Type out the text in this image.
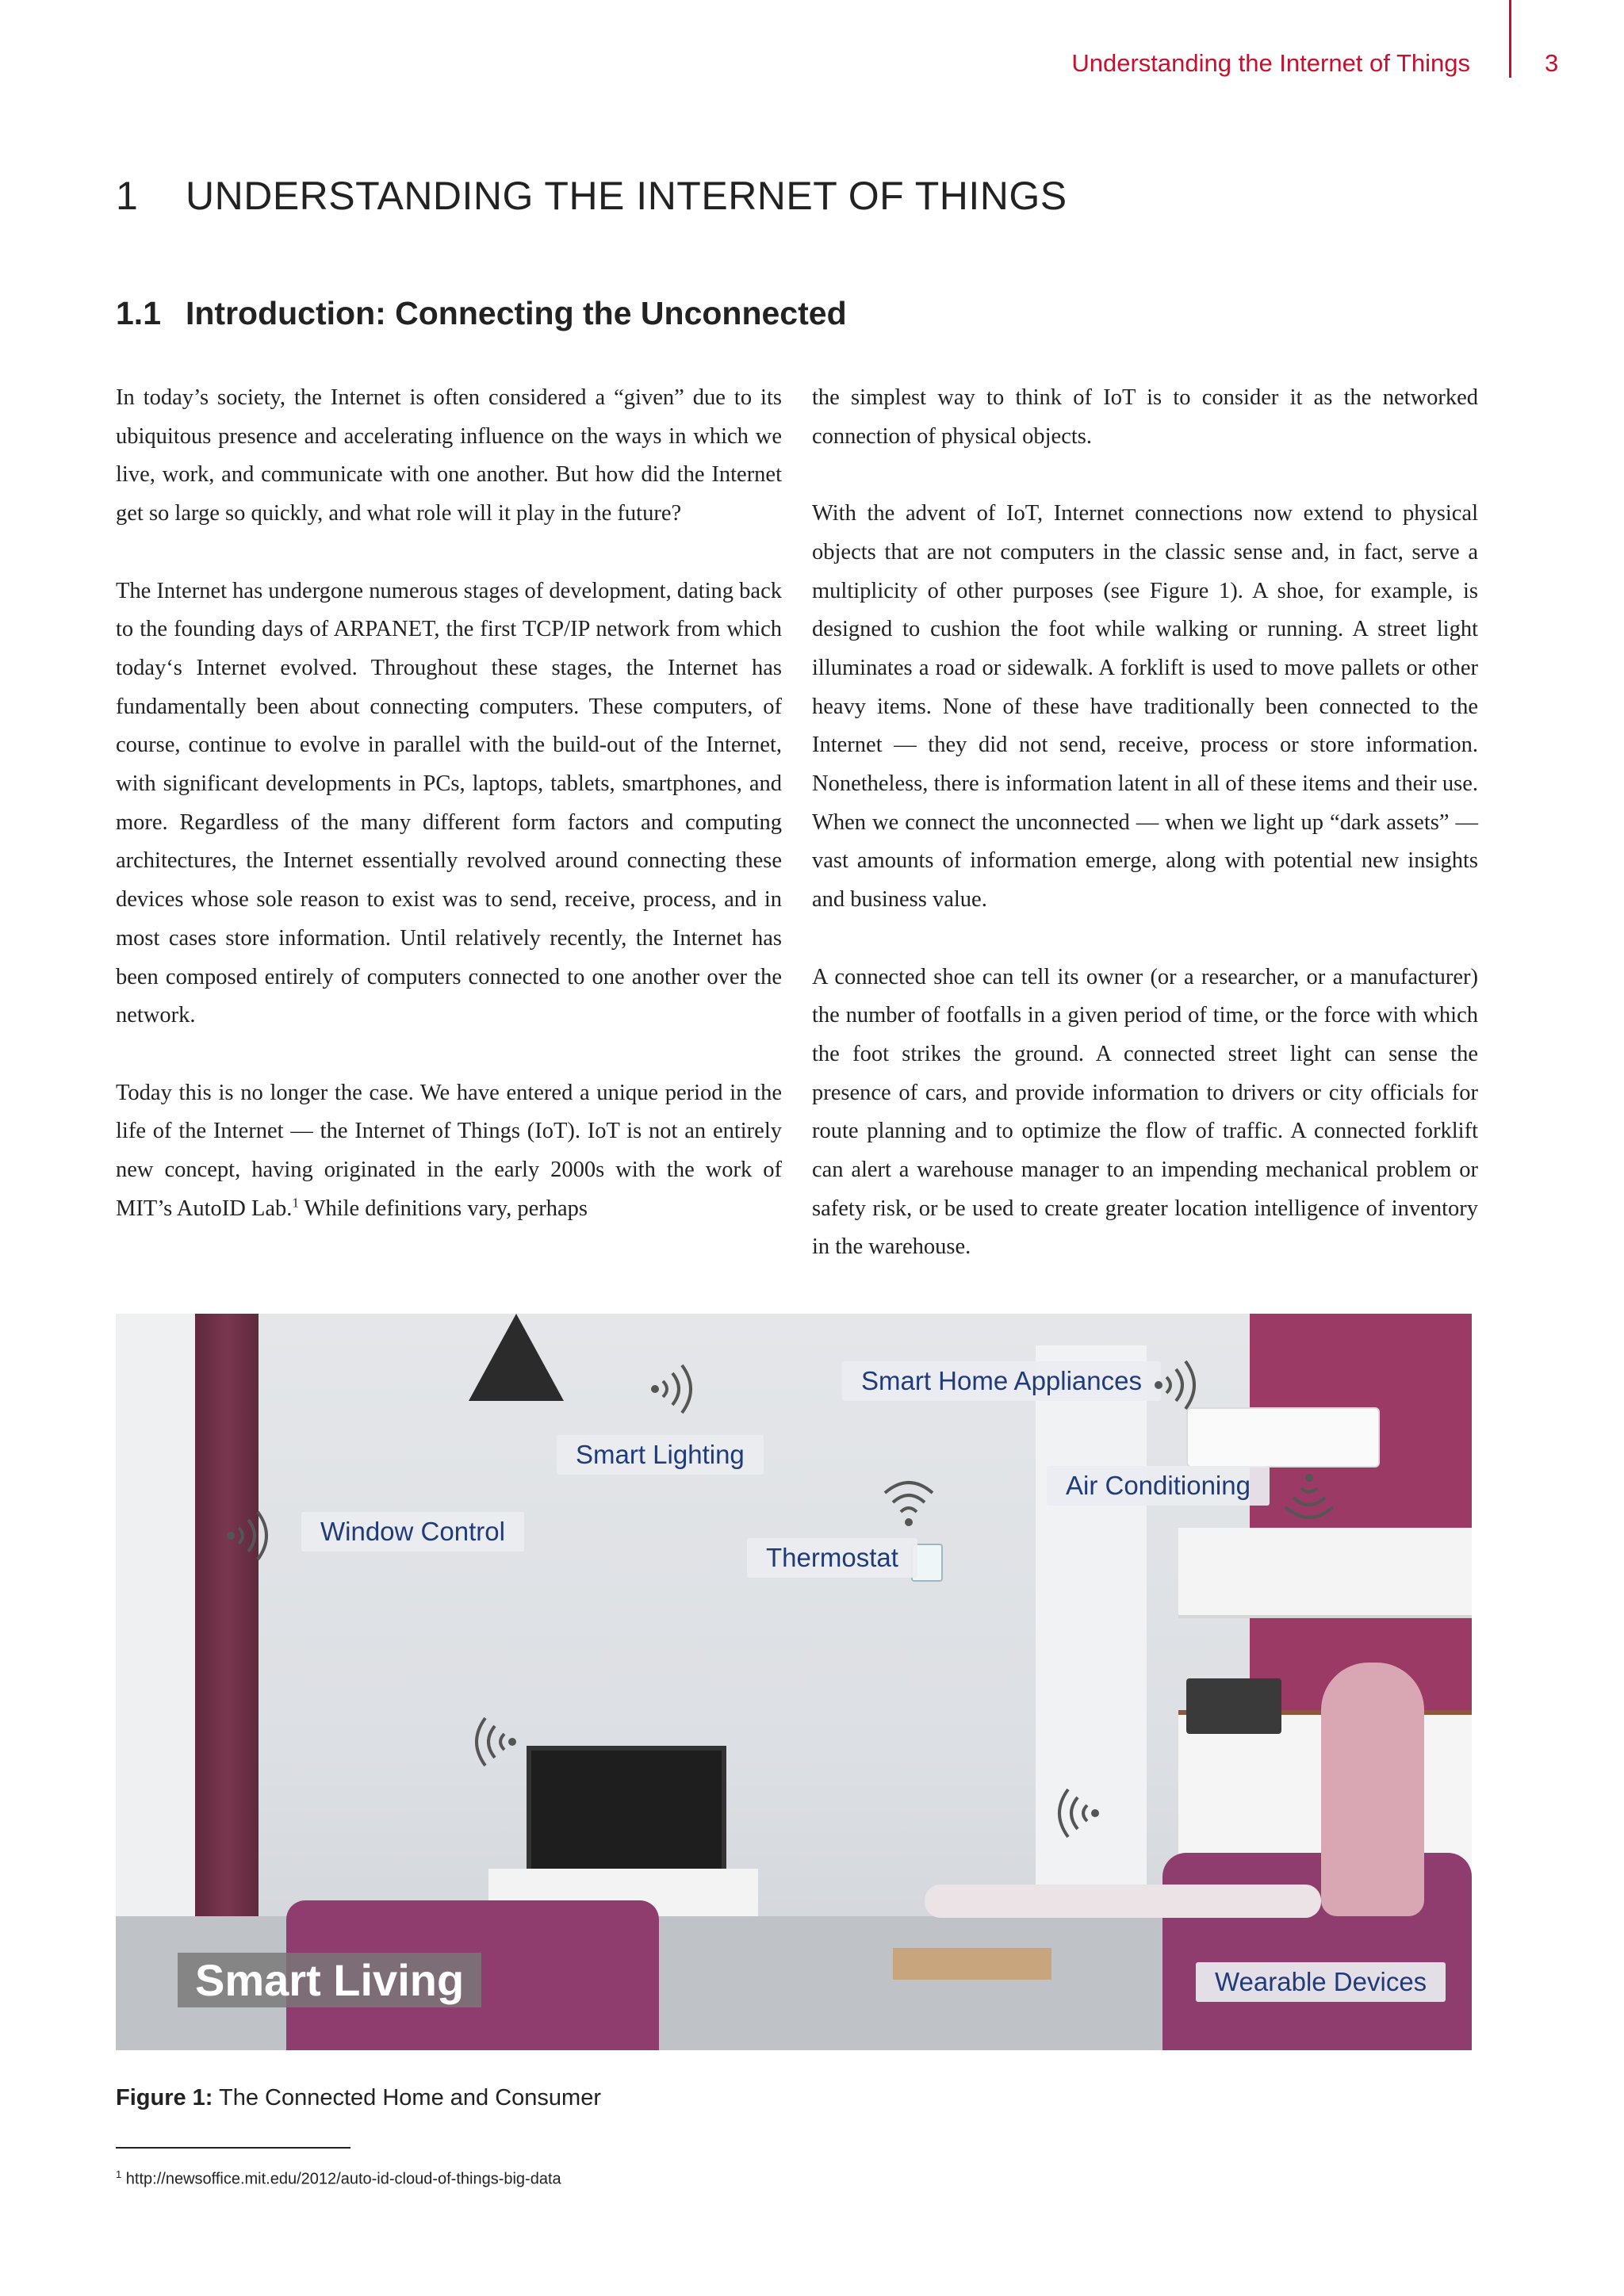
Understanding the Internet of Things	3
1 UNDERSTANDING THE INTERNET OF THINGS
1.1 Introduction: Connecting the Unconnected

In today’s society, the Internet is often considered a “given” due to its ubiquitous presence and accelerating influence on the ways in which we live, work, and communicate with one another. But how did the Internet get so large so quickly, and what role will it play in the future?

The Internet has undergone numerous stages of development, dating back to the founding days of ARPANET, the first TCP/IP network from which today‘s Internet evolved. Throughout these stages, the Internet has fundamentally been about connecting computers. These computers, of course, continue to evolve in parallel with the build-out of the Internet, with significant developments in PCs, laptops, tablets, smartphones, and more. Regardless of the many different form factors and computing architectures, the Internet essentially revolved around connecting these devices whose sole reason to exist was to send, receive, process, and in most cases store information. Until relatively recently, the Internet has been composed entirely of computers connected to one another over the network.

Today this is no longer the case. We have entered a unique period in the life of the Internet — the Internet of Things (IoT). IoT is not an entirely new concept, having originated in the early 2000s with the work of MIT’s AutoID Lab.$^1$ While definitions vary, perhaps

the simplest way to think of IoT is to consider it as the networked connection of physical objects.

With the advent of IoT, Internet connections now extend to physical objects that are not computers in the classic sense and, in fact, serve a multiplicity of other purposes (see Figure 1). A shoe, for example, is designed to cushion the foot while walking or running. A street light illuminates a road or sidewalk. A forklift is used to move pallets or other heavy items. None of these have traditionally been connected to the Internet — they did not send, receive, process or store information. Nonetheless, there is information latent in all of these items and their use. When we connect the unconnected — when we light up “dark assets” — vast amounts of information emerge, along with potential new insights and business value.

A connected shoe can tell its owner (or a researcher, or a manufacturer) the number of footfalls in a given period of time, or the force with which the foot strikes the ground. A connected street light can sense the presence of cars, and provide information to drivers or city officials for route planning and to optimize the flow of traffic. A connected forklift can alert a warehouse manager to an impending mechanical problem or safety risk, or be used to create greater location intelligence of inventory in the warehouse.

Smart Home Appliances
Smart Lighting
Air Conditioning
Window Control
Thermostat
Wearable Devices
Smart Living
Figure 1: The Connected Home and Consumer
$^1$ http://newsoffice.mit.edu/2012/auto-id-cloud-of-things-big-data
